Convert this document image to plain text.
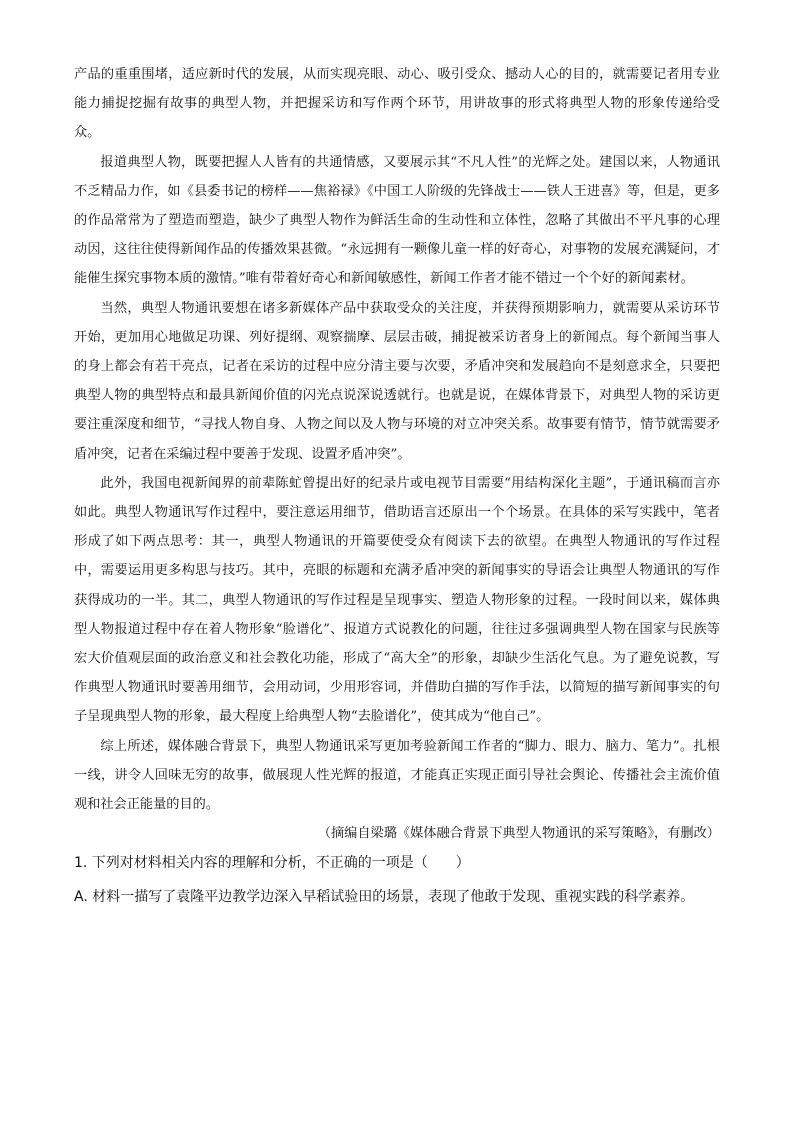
产品的重重围堵，适应新时代的发展，从而实现亮眼、动心、吸引受众、撼动人心的目的，就需要记者用专业能力捕捉挖掘有故事的典型人物，并把握采访和写作两个环节，用讲故事的形式将典型人物的形象传递给受众。

报道典型人物，既要把握人人皆有的共通情感，又要展示其“不凡人性”的光辉之处。建国以来，人物通讯不乏精品力作，如《县委书记的榜样——焦裕禄》《中国工人阶级的先锋战士——铁人王进喜》等，但是，更多的作品常常为了塑造而塑造，缺少了典型人物作为鲜活生命的生动性和立体性，忽略了其做出不平凡事的心理动因，这往往使得新闻作品的传播效果甚微。“永远拥有一颗像儿童一样的好奇心，对事物的发展充满疑问，才能催生探究事物本质的激情。”唯有带着好奇心和新闻敏感性，新闻工作者才能不错过一个个好的新闻素材。

当然，典型人物通讯要想在诸多新媒体产品中获取受众的关注度，并获得预期影响力，就需要从采访环节开始，更加用心地做足功课、列好提纲、观察揣摩、层层击破，捕捉被采访者身上的新闻点。每个新闻当事人的身上都会有若干亮点，记者在采访的过程中应分清主要与次要，矛盾冲突和发展趋向不是刻意求全，只要把典型人物的典型特点和最具新闻价值的闪光点说深说透就行。也就是说，在媒体背景下，对典型人物的采访更要注重深度和细节，“寻找人物自身、人物之间以及人物与环境的对立冲突关系。故事要有情节，情节就需要矛盾冲突，记者在采编过程中要善于发现、设置矛盾冲突”。

此外，我国电视新闻界的前辈陈虻曾提出好的纪录片或电视节目需要“用结构深化主题”，于通讯稿而言亦如此。典型人物通讯写作过程中，要注意运用细节，借助语言还原出一个个场景。在具体的采写实践中，笔者形成了如下两点思考：其一，典型人物通讯的开篇要使受众有阅读下去的欲望。在典型人物通讯的写作过程中，需要运用更多构思与技巧。其中，亮眼的标题和充满矛盾冲突的新闻事实的导语会让典型人物通讯的写作获得成功的一半。其二，典型人物通讯的写作过程是呈现事实、塑造人物形象的过程。一段时间以来，媒体典型人物报道过程中存在着人物形象“脸谱化”、报道方式说教化的问题，往往过多强调典型人物在国家与民族等宏大价值观层面的政治意义和社会教化功能，形成了“高大全”的形象，却缺少生活化气息。为了避免说教，写作典型人物通讯时要善用细节，会用动词，少用形容词，并借助白描的写作手法，以简短的描写新闻事实的句子呈现典型人物的形象，最大程度上给典型人物“去脸谱化”，使其成为“他自己”。

综上所述，媒体融合背景下，典型人物通讯采写更加考验新闻工作者的“脚力、眼力、脑力、笔力”。扎根一线，讲令人回味无穷的故事，做展现人性光辉的报道，才能真正实现正面引导社会舆论、传播社会主流价值观和社会正能量的目的。

（摘编自梁璐《媒体融合背景下典型人物通讯的采写策略》，有删改）

1. 下列对材料相关内容的理解和分析，不正确的一项是（　　）

A. 材料一描写了袁隆平边教学边深入早稻试验田的场景，表现了他敢于发现、重视实践的科学素养。
